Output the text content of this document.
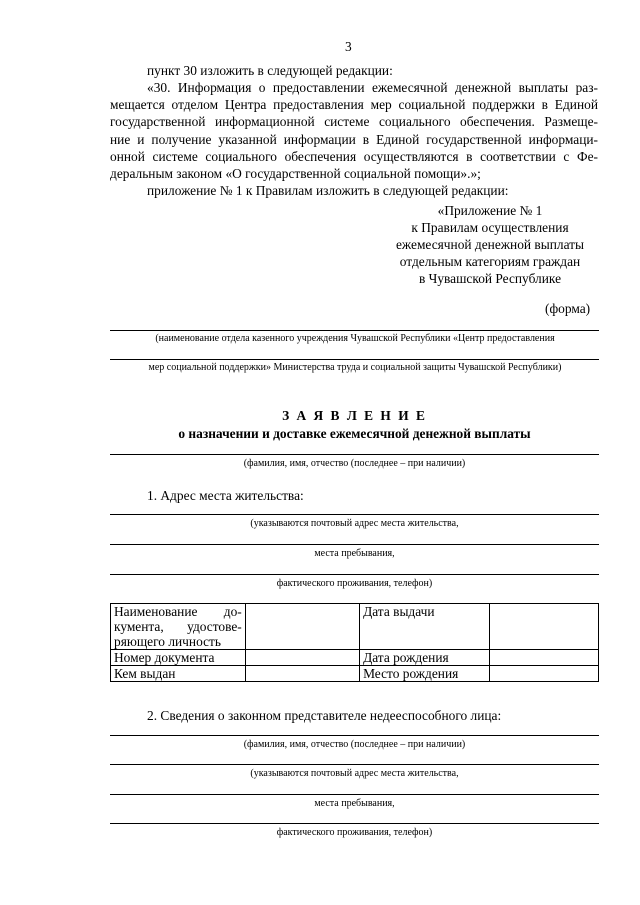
3
пункт 30 изложить в следующей редакции:
«30. Информация о предоставлении ежемесячной денежной выплаты раз-
мещается отделом Центра предоставления мер социальной поддержки в Единой
государственной информационной системе социального обеспечения. Размеще-
ние и получение указанной информации в Единой государственной информаци-
онной системе социального обеспечения осуществляются в соответствии с Фе-
деральным законом «О государственной социальной помощи».»;
приложение № 1 к Правилам изложить в следующей редакции:
«Приложение № 1
к Правилам осуществления
ежемесячной денежной выплаты
отдельным категориям граждан
в Чувашской Республике
(форма)
(наименование отдела казенного учреждения Чувашской Республики «Центр предоставления
мер социальной поддержки» Министерства труда и социальной защиты Чувашской Республики)
З А Я В Л Е Н И Е
о назначении и доставке ежемесячной денежной выплаты
(фамилия, имя, отчество (последнее – при наличии)
1. Адрес места жительства:
(указываются почтовый адрес места жительства,
места пребывания,
фактического проживания, телефон)
Наименование до-
кумента, удостове-
ряющего личность		Дата выдачи	
Номер документа		Дата рождения	
Кем выдан		Место рождения	
2. Сведения о законном представителе недееспособного лица:
(фамилия, имя, отчество (последнее – при наличии)
(указываются почтовый адрес места жительства,
места пребывания,
фактического проживания, телефон)
